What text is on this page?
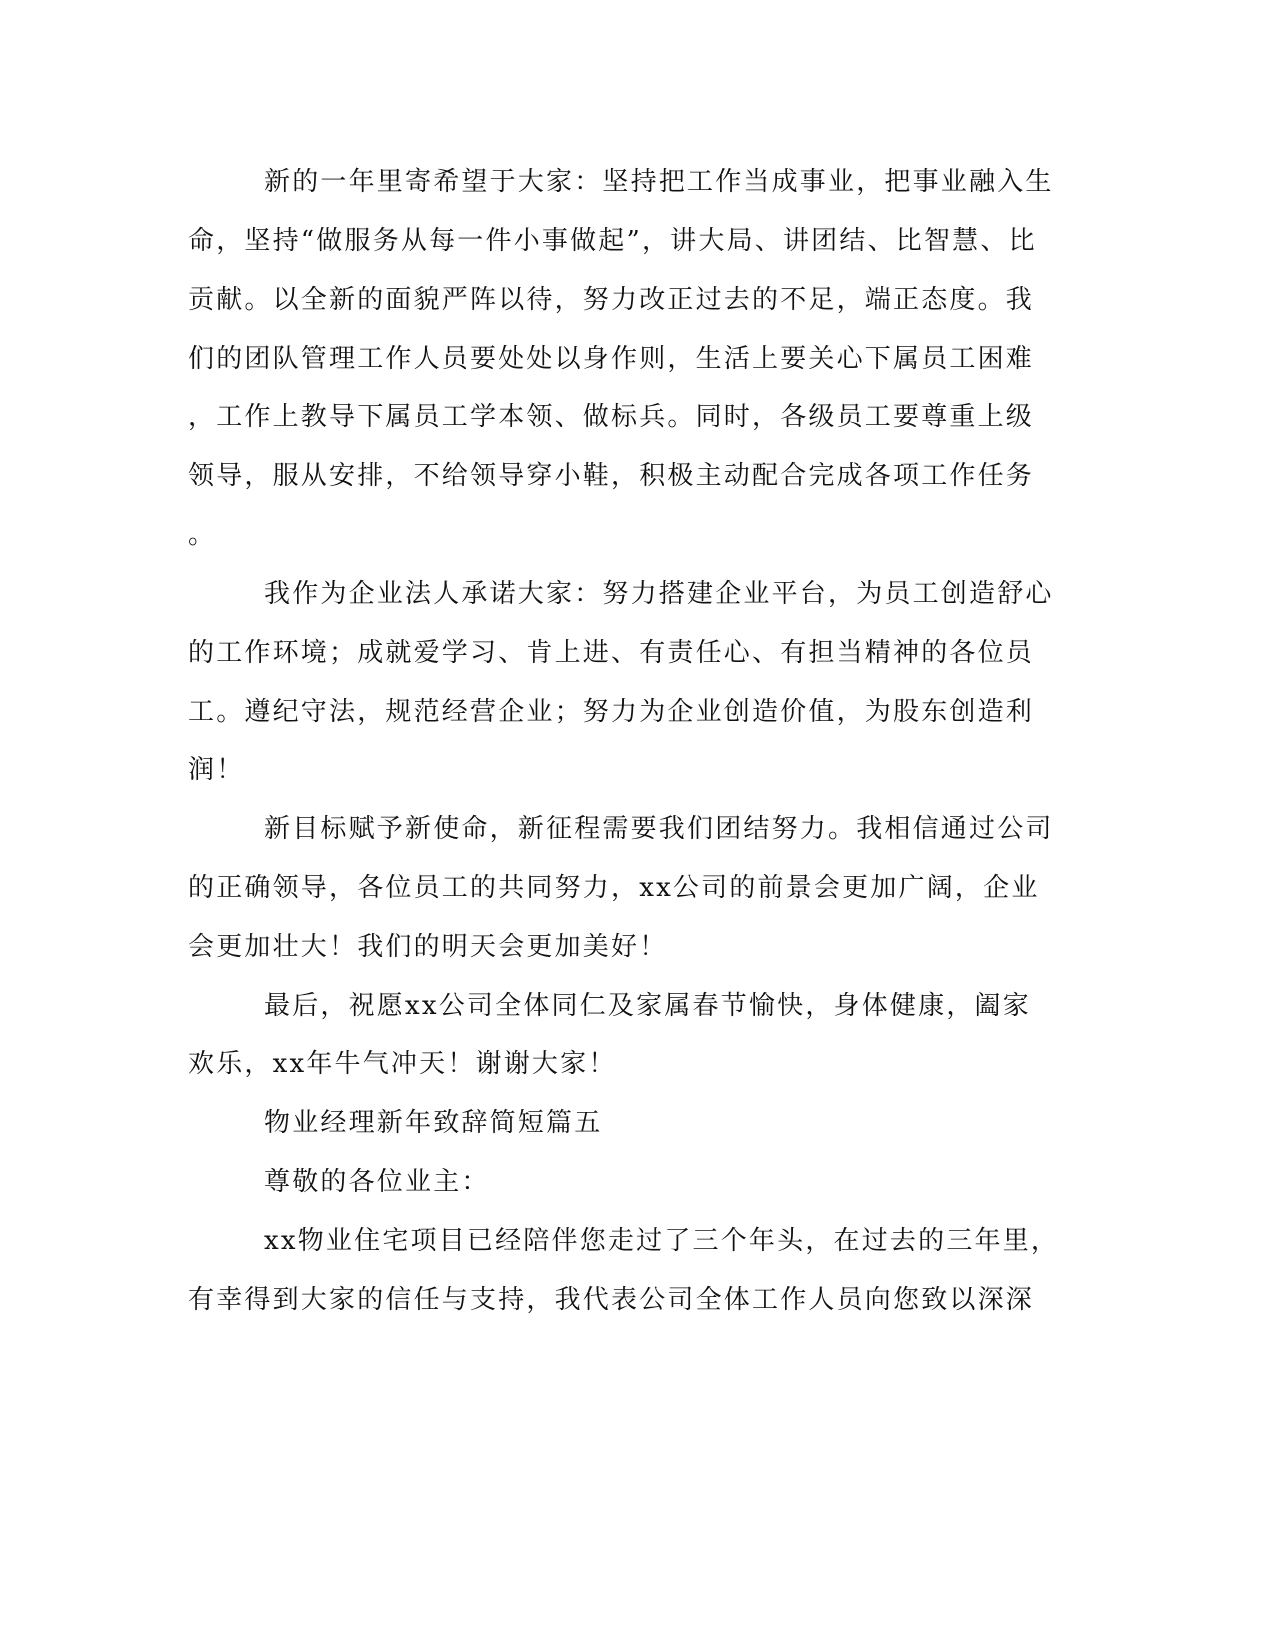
新的一年里寄希望于大家：坚持把工作当成事业，把事业融入生

命，坚持“做服务从每一件小事做起”，讲大局、讲团结、比智慧、比

贡献。以全新的面貌严阵以待，努力改正过去的不足，端正态度。我

们的团队管理工作人员要处处以身作则，生活上要关心下属员工困难

，工作上教导下属员工学本领、做标兵。同时，各级员工要尊重上级

领导，服从安排，不给领导穿小鞋，积极主动配合完成各项工作任务

。

我作为企业法人承诺大家：努力搭建企业平台，为员工创造舒心

的工作环境；成就爱学习、肯上进、有责任心、有担当精神的各位员

工。遵纪守法，规范经营企业；努力为企业创造价值，为股东创造利

润！

新目标赋予新使命，新征程需要我们团结努力。我相信通过公司

的正确领导，各位员工的共同努力，xx公司的前景会更加广阔，企业

会更加壮大！我们的明天会更加美好！

最后，祝愿xx公司全体同仁及家属春节愉快，身体健康，阖家

欢乐，xx年牛气冲天！谢谢大家！

物业经理新年致辞简短篇五

尊敬的各位业主：

xx物业住宅项目已经陪伴您走过了三个年头，在过去的三年里，

有幸得到大家的信任与支持，我代表公司全体工作人员向您致以深深
